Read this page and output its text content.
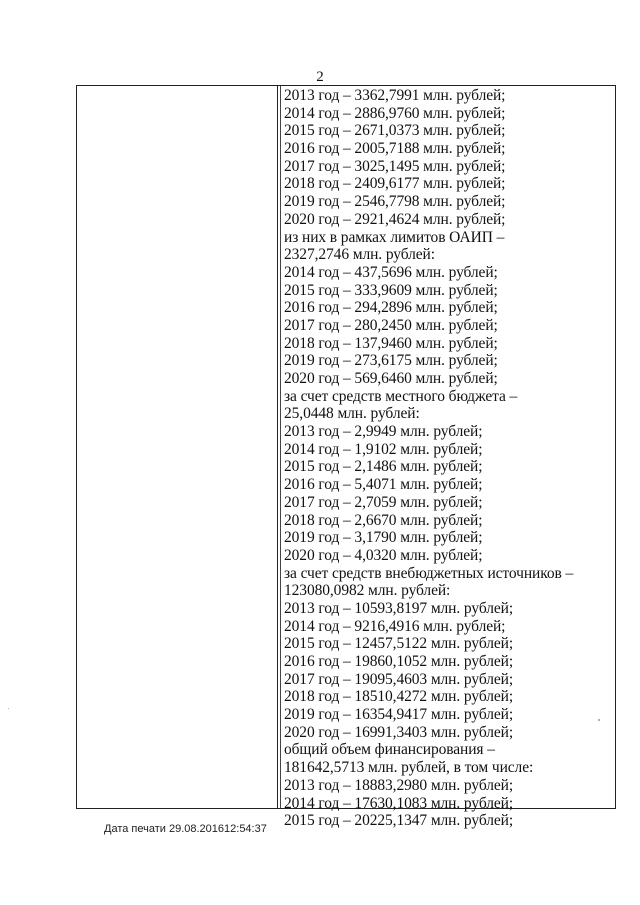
2
2013 год – 3362,7991 млн. рублей;
2014 год – 2886,9760 млн. рублей;
2015 год – 2671,0373 млн. рублей;
2016 год – 2005,7188 млн. рублей;
2017 год – 3025,1495 млн. рублей;
2018 год – 2409,6177 млн. рублей;
2019 год – 2546,7798 млн. рублей;
2020 год – 2921,4624 млн. рублей;
из них в рамках лимитов ОАИП –
2327,2746 млн. рублей:
2014 год – 437,5696 млн. рублей;
2015 год – 333,9609 млн. рублей;
2016 год – 294,2896 млн. рублей;
2017 год – 280,2450 млн. рублей;
2018 год – 137,9460 млн. рублей;
2019 год – 273,6175 млн. рублей;
2020 год – 569,6460 млн. рублей;
за счет средств местного бюджета –
25,0448 млн. рублей:
2013 год – 2,9949 млн. рублей;
2014 год – 1,9102 млн. рублей;
2015 год – 2,1486 млн. рублей;
2016 год – 5,4071 млн. рублей;
2017 год – 2,7059 млн. рублей;
2018 год – 2,6670 млн. рублей;
2019 год – 3,1790 млн. рублей;
2020 год – 4,0320 млн. рублей;
за счет средств внебюджетных источников –
123080,0982 млн. рублей:
2013 год – 10593,8197 млн. рублей;
2014 год – 9216,4916 млн. рублей;
2015 год – 12457,5122 млн. рублей;
2016 год – 19860,1052 млн. рублей;
2017 год – 19095,4603 млн. рублей;
2018 год – 18510,4272 млн. рублей;
2019 год – 16354,9417 млн. рублей;
2020 год – 16991,3403 млн. рублей;
общий объем финансирования –
181642,5713 млн. рублей, в том числе:
2013 год – 18883,2980 млн. рублей;
2014 год – 17630,1083 млн. рублей;
2015 год – 20225,1347 млн. рублей;
Дата печати 29.08.201612:54:37
